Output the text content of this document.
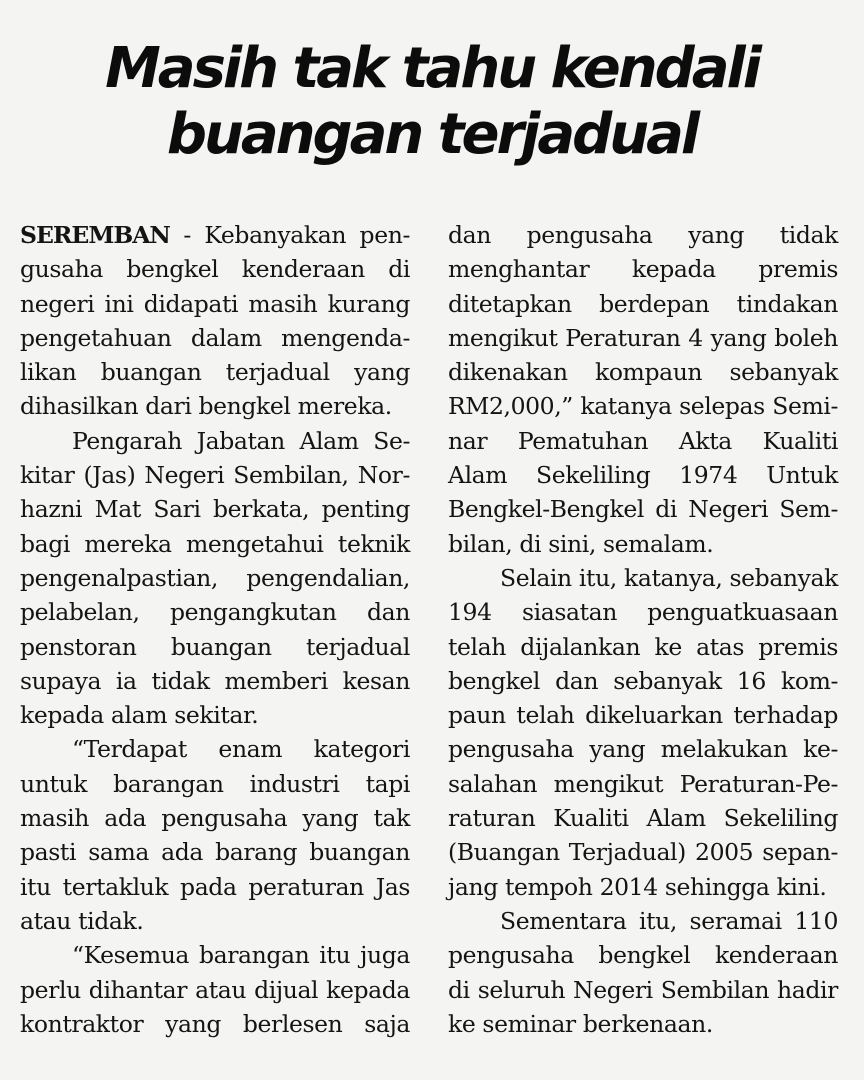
Masih tak tahu kendali
buangan terjadual
SEREMBAN - Kebanyakan pen-
gusaha bengkel kenderaan di
negeri ini didapati masih kurang
pengetahuan dalam mengenda-
likan buangan terjadual yang
dihasilkan dari bengkel mereka.
Pengarah Jabatan Alam Se-
kitar (Jas) Negeri Sembilan, Nor-
hazni Mat Sari berkata, penting
bagi mereka mengetahui teknik
pengenalpastian, pengendalian,
pelabelan, pengangkutan dan
penstoran buangan terjadual
supaya ia tidak memberi kesan
kepada alam sekitar.
“Terdapat enam kategori
untuk barangan industri tapi
masih ada pengusaha yang tak
pasti sama ada barang buangan
itu tertakluk pada peraturan Jas
atau tidak.
“Kesemua barangan itu juga
perlu dihantar atau dijual kepada
kontraktor yang berlesen saja
dan pengusaha yang tidak
menghantar kepada premis
ditetapkan berdepan tindakan
mengikut Peraturan 4 yang boleh
dikenakan kompaun sebanyak
RM2,000,” katanya selepas Semi-
nar Pematuhan Akta Kualiti
Alam Sekeliling 1974 Untuk
Bengkel-Bengkel di Negeri Sem-
bilan, di sini, semalam.
Selain itu, katanya, sebanyak
194 siasatan penguatkuasaan
telah dijalankan ke atas premis
bengkel dan sebanyak 16 kom-
paun telah dikeluarkan terhadap
pengusaha yang melakukan ke-
salahan mengikut Peraturan-Pe-
raturan Kualiti Alam Sekeliling
(Buangan Terjadual) 2005 sepan-
jang tempoh 2014 sehingga kini.
Sementara itu, seramai 110
pengusaha bengkel kenderaan
di seluruh Negeri Sembilan hadir
ke seminar berkenaan.
